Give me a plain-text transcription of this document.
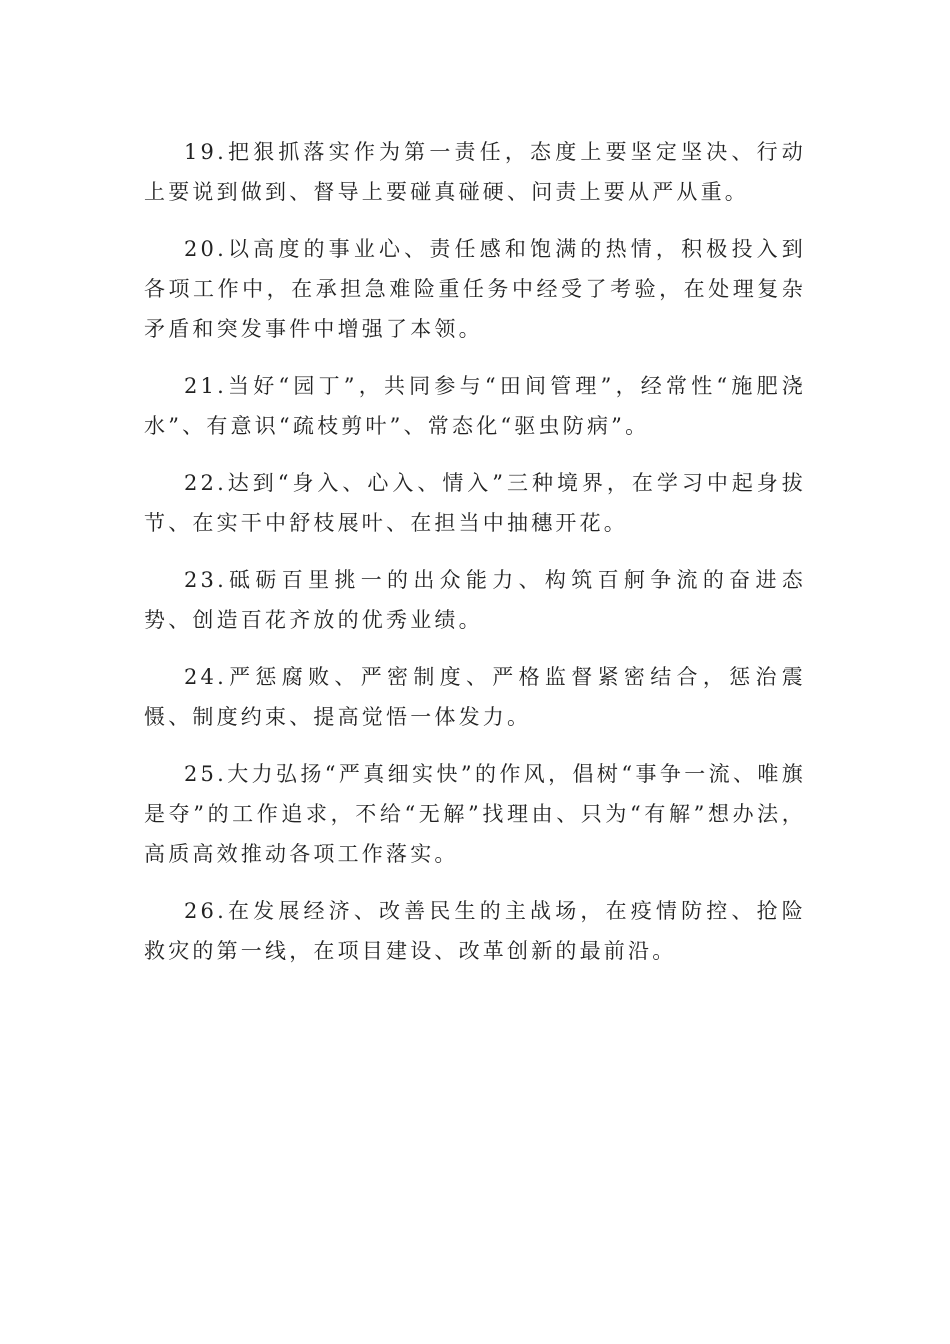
19.把狠抓落实作为第一责任，态度上要坚定坚决、行动上要说到做到、督导上要碰真碰硬、问责上要从严从重。

20.以高度的事业心、责任感和饱满的热情，积极投入到各项工作中，在承担急难险重任务中经受了考验，在处理复杂矛盾和突发事件中增强了本领。

21.当好“园丁”，共同参与“田间管理”，经常性“施肥浇水”、有意识“疏枝剪叶”、常态化“驱虫防病”。

22.达到“身入、心入、情入”三种境界，在学习中起身拔节、在实干中舒枝展叶、在担当中抽穗开花。

23.砥砺百里挑一的出众能力、构筑百舸争流的奋进态势、创造百花齐放的优秀业绩。

24.严惩腐败、严密制度、严格监督紧密结合，惩治震慑、制度约束、提高觉悟一体发力。

25.大力弘扬“严真细实快”的作风，倡树“事争一流、唯旗是夺”的工作追求，不给“无解”找理由、只为“有解”想办法，高质高效推动各项工作落实。

26.在发展经济、改善民生的主战场，在疫情防控、抢险救灾的第一线，在项目建设、改革创新的最前沿。
